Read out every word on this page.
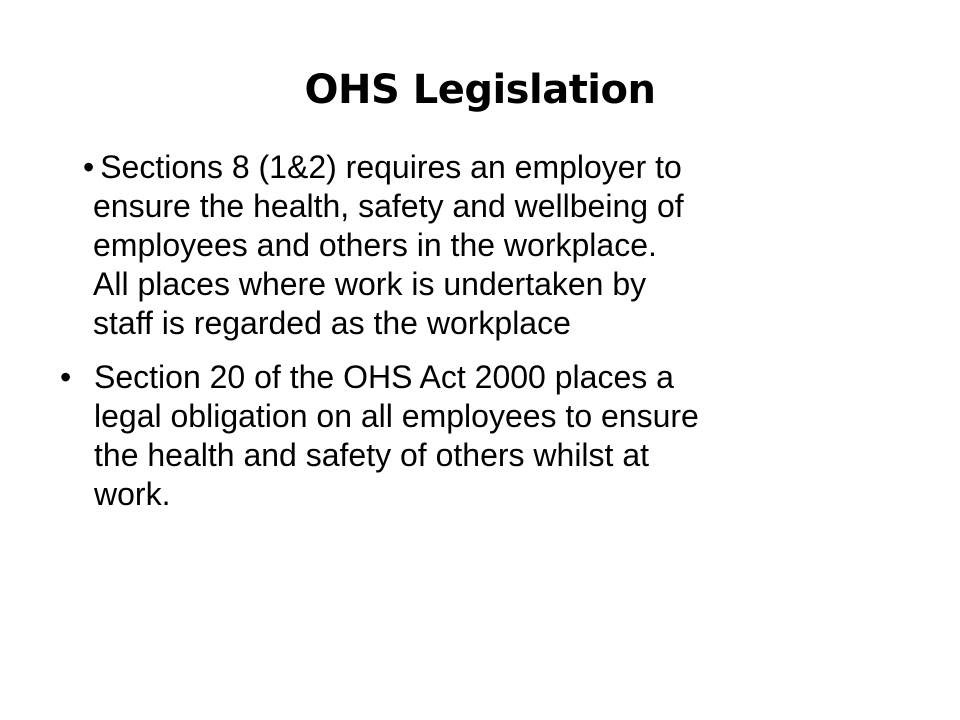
OHS Legislation
• Sections 8 (1&2) requires an employer to
ensure the health, safety and wellbeing of
employees and others in the workplace.
All places where work is undertaken by
staff is regarded as the workplace
• Section 20 of the OHS Act 2000 places a
legal obligation on all employees to ensure
the health and safety of others whilst at
work.
